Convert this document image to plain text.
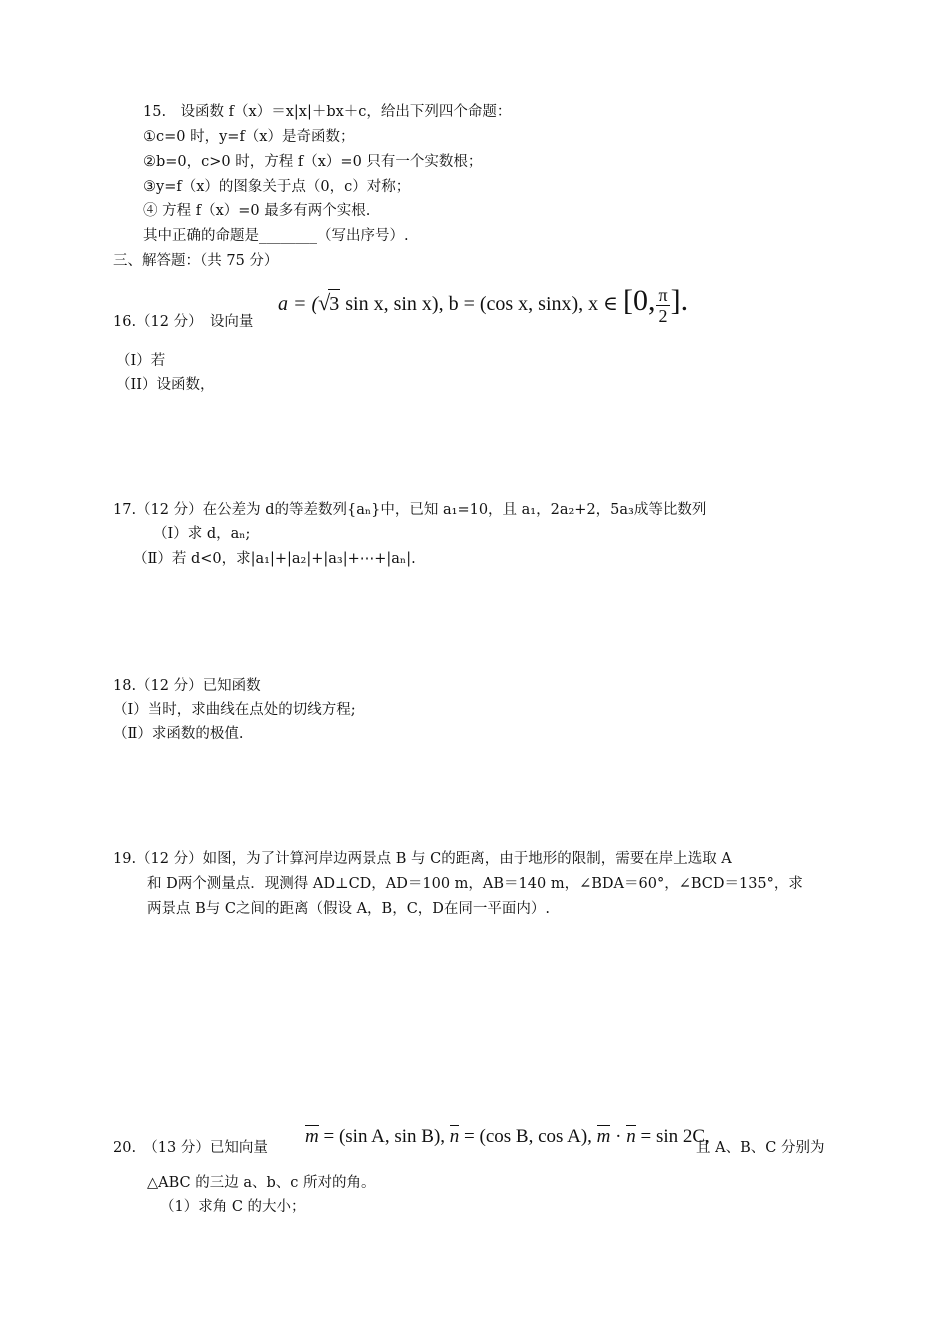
15.　设函数 f（x）＝x|x|＋bx＋c，给出下列四个命题：
①c=0 时，y=f（x）是奇函数；
②b=0，c>0 时，方程 f（x）=0 只有一个实数根；
③y=f（x）的图象关于点（0，c）对称；
④ 方程 f（x）=0 最多有两个实根.
其中正确的命题是________（写出序号）.
三、解答题：（共 75 分）
a = (√3 sin x, sin x), b = (cos x, sinx), x ∈ [0, $\frac{\pi}{2}$ ].
16.（12 分）　设向量
（I）若
（II）设函数，
17.（12 分）在公差为 d的等差数列{aₙ}中，已知 a₁=10，且 a₁，2a₂+2，5a₃成等比数列
（Ⅰ）求 d，aₙ;
（Ⅱ）若 d<0，求|a₁|+|a₂|+|a₃|+⋯+|aₙ|.
18.（12 分）已知函数
（Ⅰ）当时，求曲线在点处的切线方程;
（Ⅱ）求函数的极值.
19.（12 分）如图，为了计算河岸边两景点 B 与 C的距离，由于地形的限制，需要在岸上选取 A
和 D两个测量点．现测得 AD⊥CD，AD＝100 m，AB＝140 m，∠BDA＝60°，∠BCD＝135°，求
两景点 B与 C之间的距离（假设 A，B，C，D在同一平面内）.
20.　（13 分）已知向量
m = (sin A, sin B), n = (cos B, cos A), m · n = sin 2C,
且 A、B、C 分别为
△ABC 的三边 a、b、c 所对的角。
（1）求角 C 的大小；
